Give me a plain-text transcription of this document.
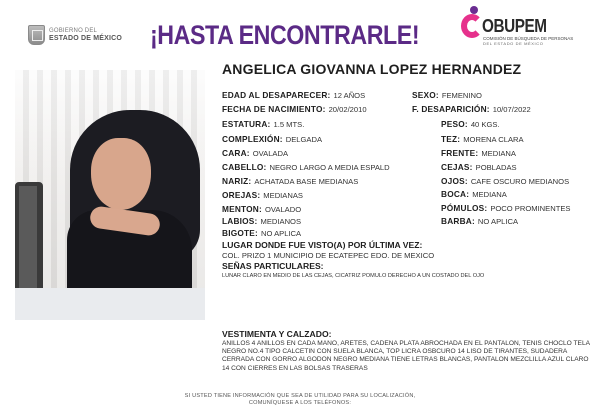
GOBIERNO DEL
ESTADO DE MÉXICO ¡HASTA ENCONTRARLE!	OBUPEM
COMISIÓN DE BÚSQUEDA DE PERSONAS
DEL ESTADO DE MÉXICO
ANGELICA GIOVANNA LOPEZ HERNANDEZ
EDAD AL DESAPARECER: 12 AÑOS
FECHA DE NACIMIENTO: 20/02/2010
ESTATURA: 1.5 MTS.
COMPLEXIÓN: DELGADA
CARA: OVALADA
CABELLO: NEGRO LARGO A MEDIA ESPALD
NARIZ: ACHATADA BASE MEDIANAS
OREJAS: MEDIANAS
MENTON: OVALADO
LABIOS: MEDIANOS
BIGOTE: NO APLICA
SEXO: FEMENINO
F. DESAPARICIÓN: 10/07/2022
PESO: 40 KGS.
TEZ: MORENA CLARA
FRENTE: MEDIANA
CEJAS: POBLADAS
OJOS: CAFE OSCURO MEDIANOS
BOCA: MEDIANA
PÓMULOS: POCO PROMINENTES
BARBA: NO APLICA
LUGAR DONDE FUE VISTO(A) POR ÚLTIMA VEZ:
COL. PRIZO 1 MUNICIPIO DE ECATEPEC EDO. DE MEXICO
SEÑAS PARTICULARES:
LUNAR CLARO EN MEDIO DE LAS CEJAS, CICATRIZ POMULO DERECHO A UN COSTADO DEL OJO
VESTIMENTA Y CALZADO:
ANILLOS 4 ANILLOS EN CADA MANO, ARETES, CADENA PLATA ABROCHADA EN EL PANTALON, TENIS CHOCLO TELA NEGRO NO.4 TIPO CALCETIN CON SUELA BLANCA, TOP LICRA OSBCURO 14 LISO DE TIRANTES, SUDADERA CERRADA CON GORRO ALGODON NEGRO MEDIANA TIENE LETRAS BLANCAS, PANTALON MEZCLILLA AZUL CLARO 14 CON CIERRES EN LAS BOLSAS TRASERAS
SI USTED TIENE INFORMACIÓN QUE SEA DE UTILIDAD PARA SU LOCALIZACIÓN,
COMUNÍQUESE A LOS TELÉFONOS:
